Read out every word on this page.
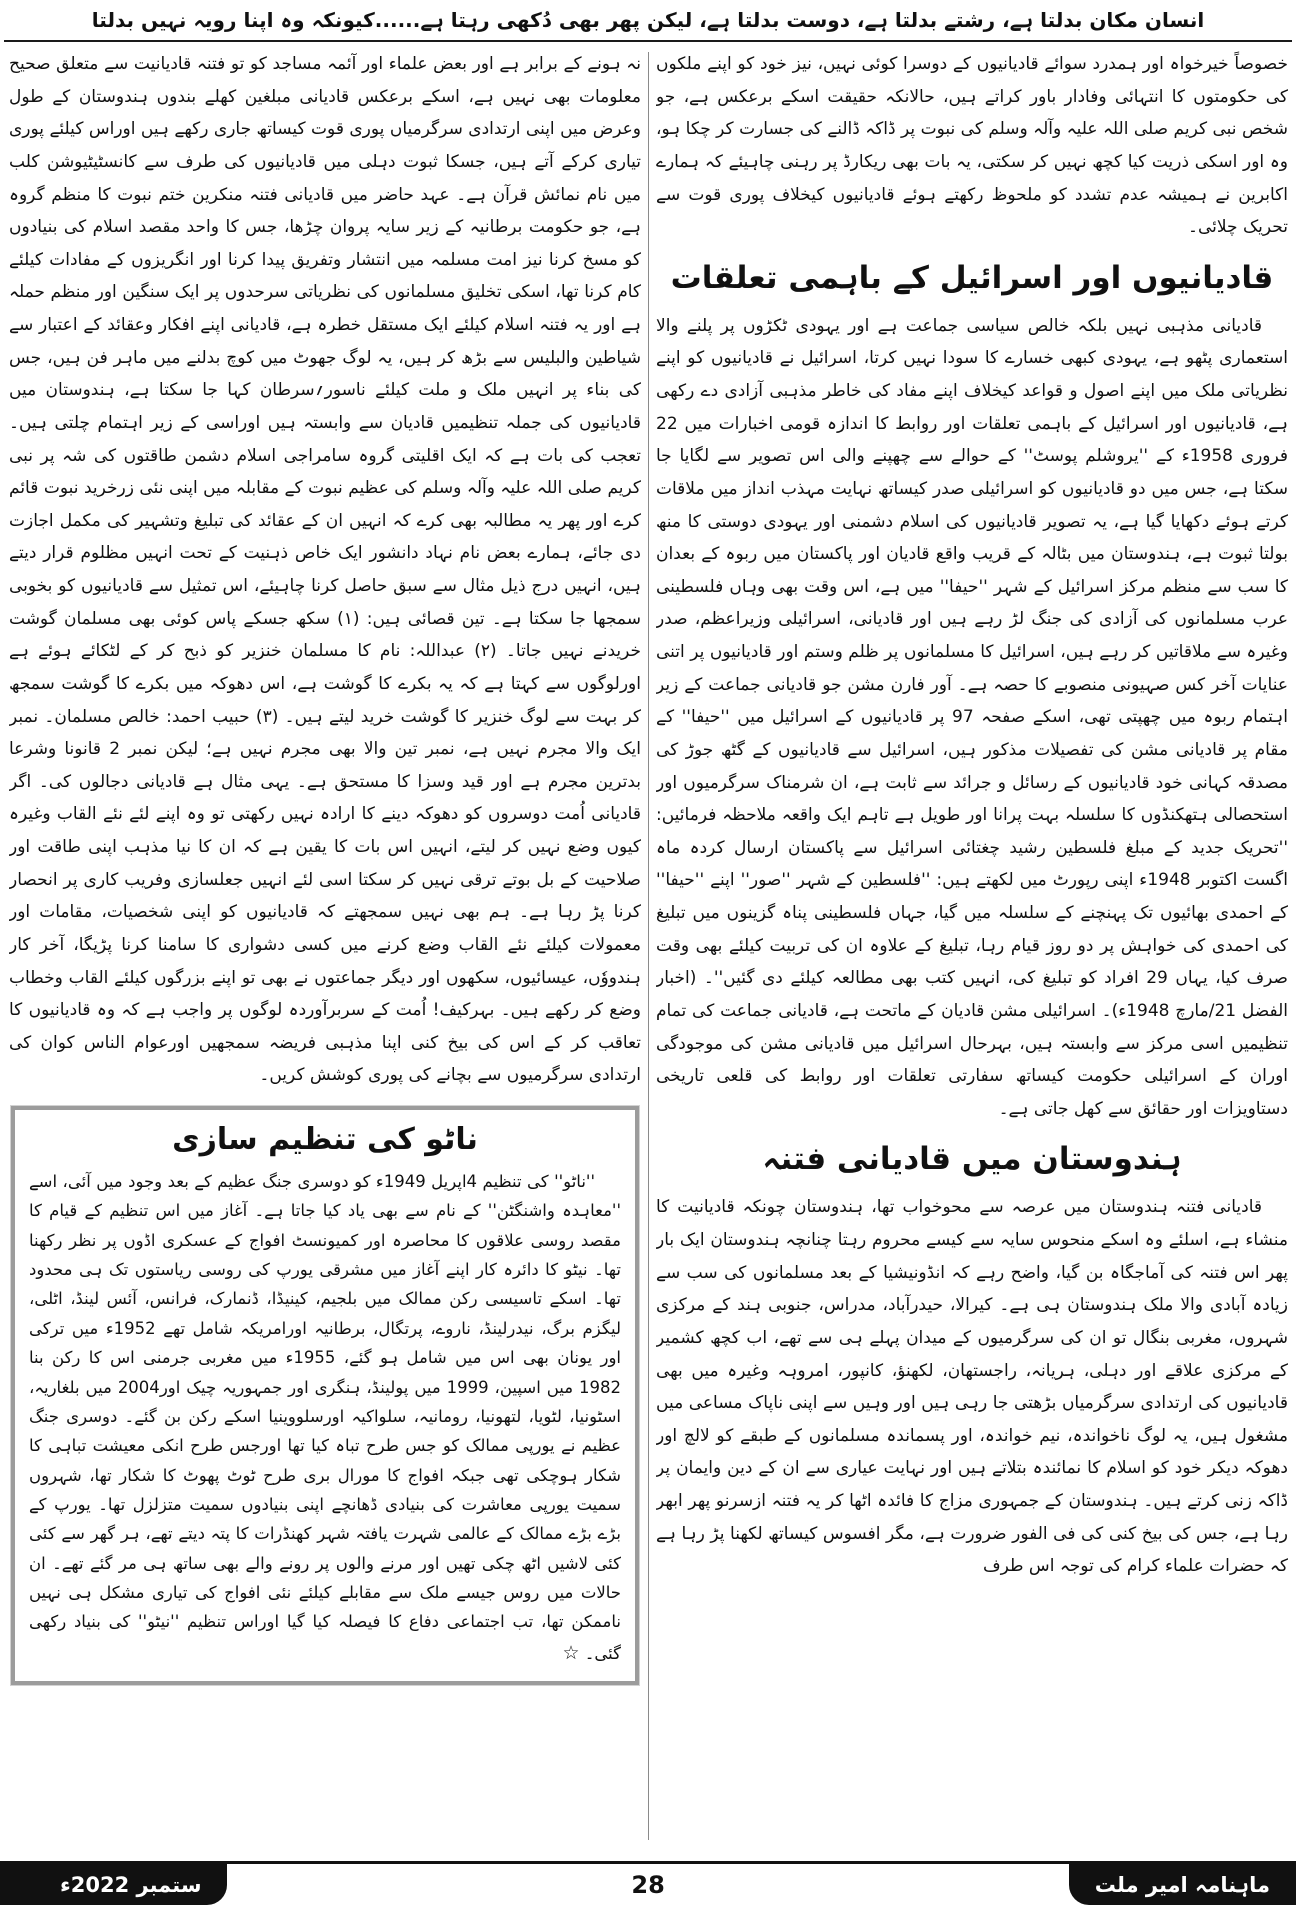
انسان مکان بدلتا ہے، رشتے بدلتا ہے، دوست بدلتا ہے، لیکن پھر بھی دُکھی رہتا ہے......کیونکہ وہ اپنا رویہ نہیں بدلتا

خصوصاً خیرخواہ اور ہمدرد سوائے قادیانیوں کے دوسرا کوئی نہیں، نیز خود کو اپنے ملکوں کی حکومتوں کا انتہائی وفادار باور کراتے ہیں، حالانکہ حقیقت اسکے برعکس ہے، جو شخص نبی کریم صلی اللہ علیہ وآلہ وسلم کی نبوت پر ڈاکہ ڈالنے کی جسارت کر چکا ہو، وہ اور اسکی ذریت کیا کچھ نہیں کر سکتی، یہ بات بھی ریکارڈ پر رہنی چاہیئے کہ ہمارے اکابرین نے ہمیشہ عدم تشدد کو ملحوظ رکھتے ہوئے قادیانیوں کیخلاف پوری قوت سے تحریک چلائی۔

قادیانیوں اور اسرائیل کے باہمی تعلقات

قادیانی مذہبی نہیں بلکہ خالص سیاسی جماعت ہے اور یہودی ٹکڑوں پر پلنے والا استعماری پٹھو ہے، یہودی کبھی خسارے کا سودا نہیں کرتا، اسرائیل نے قادیانیوں کو اپنے نظریاتی ملک میں اپنے اصول و قواعد کیخلاف اپنے مفاد کی خاطر مذہبی آزادی دے رکھی ہے، قادیانیوں اور اسرائیل کے باہمی تعلقات اور روابط کا اندازہ قومی اخبارات میں 22 فروری 1958ء کے ''یروشلم پوسٹ'' کے حوالے سے چھپنے والی اس تصویر سے لگایا جا سکتا ہے، جس میں دو قادیانیوں کو اسرائیلی صدر کیساتھ نہایت مہذب انداز میں ملاقات کرتے ہوئے دکھایا گیا ہے، یہ تصویر قادیانیوں کی اسلام دشمنی اور یہودی دوستی کا منھ بولتا ثبوت ہے، ہندوستان میں بٹالہ کے قریب واقع قادیان اور پاکستان میں ربوہ کے بعدان کا سب سے منظم مرکز اسرائیل کے شہر ''حیفا'' میں ہے، اس وقت بھی وہاں فلسطینی عرب مسلمانوں کی آزادی کی جنگ لڑ رہے ہیں اور قادیانی، اسرائیلی وزیراعظم، صدر وغیرہ سے ملاقاتیں کر رہے ہیں، اسرائیل کا مسلمانوں پر ظلم وستم اور قادیانیوں پر اتنی عنایات آخر کس صہیونی منصوبے کا حصہ ہے۔ آور فارن مشن جو قادیانی جماعت کے زیر اہتمام ربوہ میں چھپتی تھی، اسکے صفحہ 97 پر قادیانیوں کے اسرائیل میں ''حیفا'' کے مقام پر قادیانی مشن کی تفصیلات مذکور ہیں، اسرائیل سے قادیانیوں کے گٹھ جوڑ کی مصدقہ کہانی خود قادیانیوں کے رسائل و جرائد سے ثابت ہے، ان شرمناک سرگرمیوں اور استحصالی ہتھکنڈوں کا سلسلہ بہت پرانا اور طویل ہے تاہم ایک واقعہ ملاحظہ فرمائیں: ''تحریک جدید کے مبلغ فلسطین رشید چغتائی اسرائیل سے پاکستان ارسال کردہ ماہ اگست اکتوبر 1948ء اپنی رپورٹ میں لکھتے ہیں: ''فلسطین کے شہر ''صور'' اپنے ''حیفا'' کے احمدی بھائیوں تک پہنچنے کے سلسلہ میں گیا، جہاں فلسطینی پناہ گزینوں میں تبلیغ کی احمدی کی خواہش پر دو روز قیام رہا، تبلیغ کے علاوہ ان کی تربیت کیلئے بھی وقت صرف کیا، یہاں 29 افراد کو تبلیغ کی، انہیں کتب بھی مطالعہ کیلئے دی گئیں''۔ (اخبار الفضل 21/مارچ 1948ء)۔ اسرائیلی مشن قادیان کے ماتحت ہے، قادیانی جماعت کی تمام تنظیمیں اسی مرکز سے وابستہ ہیں، بہرحال اسرائیل میں قادیانی مشن کی موجودگی اوران کے اسرائیلی حکومت کیساتھ سفارتی تعلقات اور روابط کی قلعی تاریخی دستاویزات اور حقائق سے کھل جاتی ہے۔

ہندوستان میں قادیانی فتنہ

قادیانی فتنہ ہندوستان میں عرصہ سے محوخواب تھا، ہندوستان چونکہ قادیانیت کا منشاء ہے، اسلئے وہ اسکے منحوس سایہ سے کیسے محروم رہتا چنانچہ ہندوستان ایک بار پھر اس فتنہ کی آماجگاہ بن گیا، واضح رہے کہ انڈونیشیا کے بعد مسلمانوں کی سب سے زیادہ آبادی والا ملک ہندوستان ہی ہے۔ کیرالا، حیدرآباد، مدراس، جنوبی ہند کے مرکزی شہروں، مغربی بنگال تو ان کی سرگرمیوں کے میدان پہلے ہی سے تھے، اب کچھ کشمیر کے مرکزی علاقے اور دہلی، ہریانہ، راجستھان، لکھنؤ، کانپور، امروہہ وغیرہ میں بھی قادیانیوں کی ارتدادی سرگرمیاں بڑھتی جا رہی ہیں اور وہیں سے اپنی ناپاک مساعی میں مشغول ہیں، یہ لوگ ناخواندہ، نیم خواندہ، اور پسماندہ مسلمانوں کے طبقے کو لالچ اور دھوکہ دیکر خود کو اسلام کا نمائندہ بتلاتے ہیں اور نہایت عیاری سے ان کے دین وایمان پر ڈاکہ زنی کرتے ہیں۔ ہندوستان کے جمہوری مزاج کا فائدہ اٹھا کر یہ فتنہ ازسرنو پھر ابھر رہا ہے، جس کی بیخ کنی کی فی الفور ضرورت ہے، مگر افسوس کیساتھ لکھنا پڑ رہا ہے کہ حضرات علماء کرام کی توجہ اس طرف

نہ ہونے کے برابر ہے اور بعض علماء اور آئمہ مساجد کو تو فتنہ قادیانیت سے متعلق صحیح معلومات بھی نہیں ہے، اسکے برعکس قادیانی مبلغین کھلے بندوں ہندوستان کے طول وعرض میں اپنی ارتدادی سرگرمیاں پوری قوت کیساتھ جاری رکھے ہیں اوراس کیلئے پوری تیاری کرکے آتے ہیں، جسکا ثبوت دہلی میں قادیانیوں کی طرف سے کانسٹیٹیوشن کلب میں نام نمائش قرآن ہے۔ عہد حاضر میں قادیانی فتنہ منکرین ختم نبوت کا منظم گروہ ہے، جو حکومت برطانیہ کے زیر سایہ پروان چڑھا، جس کا واحد مقصد اسلام کی بنیادوں کو مسخ کرنا نیز امت مسلمہ میں انتشار وتفریق پیدا کرنا اور انگریزوں کے مفادات کیلئے کام کرنا تھا، اسکی تخلیق مسلمانوں کی نظریاتی سرحدوں پر ایک سنگین اور منظم حملہ ہے اور یہ فتنہ اسلام کیلئے ایک مستقل خطرہ ہے، قادیانی اپنے افکار وعقائد کے اعتبار سے شیاطین والبلیس سے بڑھ کر ہیں، یہ لوگ جھوٹ میں کوچ بدلنے میں ماہر فن ہیں، جس کی بناء پر انہیں ملک و ملت کیلئے ناسور؍سرطان کہا جا سکتا ہے، ہندوستان میں قادیانیوں کی جملہ تنظیمیں قادیان سے وابستہ ہیں اوراسی کے زیر اہتمام چلتی ہیں۔ تعجب کی بات ہے کہ ایک اقلیتی گروہ سامراجی اسلام دشمن طاقتوں کی شہ پر نبی کریم صلی اللہ علیہ وآلہ وسلم کی عظیم نبوت کے مقابلہ میں اپنی نئی زرخرید نبوت قائم کرے اور پھر یہ مطالبہ بھی کرے کہ انہیں ان کے عقائد کی تبلیغ وتشہیر کی مکمل اجازت دی جائے، ہمارے بعض نام نہاد دانشور ایک خاص ذہنیت کے تحت انہیں مظلوم قرار دیتے ہیں، انہیں درج ذیل مثال سے سبق حاصل کرنا چاہیئے، اس تمثیل سے قادیانیوں کو بخوبی سمجھا جا سکتا ہے۔ تین قصائی ہیں: (۱) سکھ جسکے پاس کوئی بھی مسلمان گوشت خریدنے نہیں جاتا۔ (۲) عبداللہ: نام کا مسلمان خنزیر کو ذبح کر کے لٹکائے ہوئے ہے اورلوگوں سے کہتا ہے کہ یہ بکرے کا گوشت ہے، اس دھوکہ میں بکرے کا گوشت سمجھ کر بہت سے لوگ خنزیر کا گوشت خرید لیتے ہیں۔ (۳) حبیب احمد: خالص مسلمان۔ نمبر ایک والا مجرم نہیں ہے، نمبر تین والا بھی مجرم نہیں ہے؛ لیکن نمبر 2 قانونا وشرعا بدترین مجرم ہے اور قید وسزا کا مستحق ہے۔ یہی مثال ہے قادیانی دجالوں کی۔ اگر قادیانی اُمت دوسروں کو دھوکہ دینے کا ارادہ نہیں رکھتی تو وہ اپنے لئے نئے القاب وغیرہ کیوں وضع نہیں کر لیتے، انہیں اس بات کا یقین ہے کہ ان کا نیا مذہب اپنی طاقت اور صلاحیت کے بل بوتے ترقی نہیں کر سکتا اسی لئے انہیں جعلسازی وفریب کاری پر انحصار کرنا پڑ رہا ہے۔ ہم بھی نہیں سمجھتے کہ قادیانیوں کو اپنی شخصیات، مقامات اور معمولات کیلئے نئے القاب وضع کرنے میں کسی دشواری کا سامنا کرنا پڑیگا، آخر کار ہندووٗں، عیسائیوں، سکھوں اور دیگر جماعتوں نے بھی تو اپنے بزرگوں کیلئے القاب وخطاب وضع کر رکھے ہیں۔ بہرکیف! اُمت کے سربرآوردہ لوگوں پر واجب ہے کہ وہ قادیانیوں کا تعاقب کر کے اس کی بیخ کنی اپنا مذہبی فریضہ سمجھیں اورعوام الناس کوان کی ارتدادی سرگرمیوں سے بچانے کی پوری کوشش کریں۔

ناٹو کی تنظیم سازی

''ناٹو'' کی تنظیم 4اپریل 1949ء کو دوسری جنگ عظیم کے بعد وجود میں آئی، اسے ''معاہدہ واشنگٹن'' کے نام سے بھی یاد کیا جاتا ہے۔ آغاز میں اس تنظیم کے قیام کا مقصد روسی علاقوں کا محاصرہ اور کمیونسٹ افواج کے عسکری اڈوں پر نظر رکھنا تھا۔ نیٹو کا دائرہ کار اپنے آغاز میں مشرقی یورپ کی روسی ریاستوں تک ہی محدود تھا۔ اسکے تاسیسی رکن ممالک میں بلجیم، کینیڈا، ڈنمارک، فرانس، آئس لینڈ، اٹلی، لیگزم برگ، نیدرلینڈ، ناروے، پرتگال، برطانیہ اورامریکہ شامل تھے 1952ء میں ترکی اور یونان بھی اس میں شامل ہو گئے، 1955ء میں مغربی جرمنی اس کا رکن بنا 1982 میں اسپین، 1999 میں پولینڈ، ہنگری اور جمہوریہ چیک اور2004 میں بلغاریہ، اسٹونیا، لٹویا، لتھونیا، رومانیہ، سلواکیہ اورسلووینیا اسکے رکن بن گئے۔ دوسری جنگ عظیم نے یورپی ممالک کو جس طرح تباہ کیا تھا اورجس طرح انکی معیشت تباہی کا شکار ہوچکی تھی جبکہ افواج کا مورال بری طرح ٹوٹ پھوٹ کا شکار تھا، شہروں سمیت یورپی معاشرت کی بنیادی ڈھانچے اپنی بنیادوں سمیت متزلزل تھا۔ یورپ کے بڑے بڑے ممالک کے عالمی شہرت یافتہ شہر کھنڈرات کا پتہ دیتے تھے، ہر گھر سے کئی کئی لاشیں اٹھ چکی تھیں اور مرنے والوں پر رونے والے بھی ساتھ ہی مر گئے تھے۔ ان حالات میں روس جیسے ملک سے مقابلے کیلئے نئی افواج کی تیاری مشکل ہی نہیں ناممکن تھا، تب اجتماعی دفاع کا فیصلہ کیا گیا اوراس تنظیم ''نیٹو'' کی بنیاد رکھی گئی۔ ☆

ماہنامہ امیر ملت
28
ستمبر 2022ء
